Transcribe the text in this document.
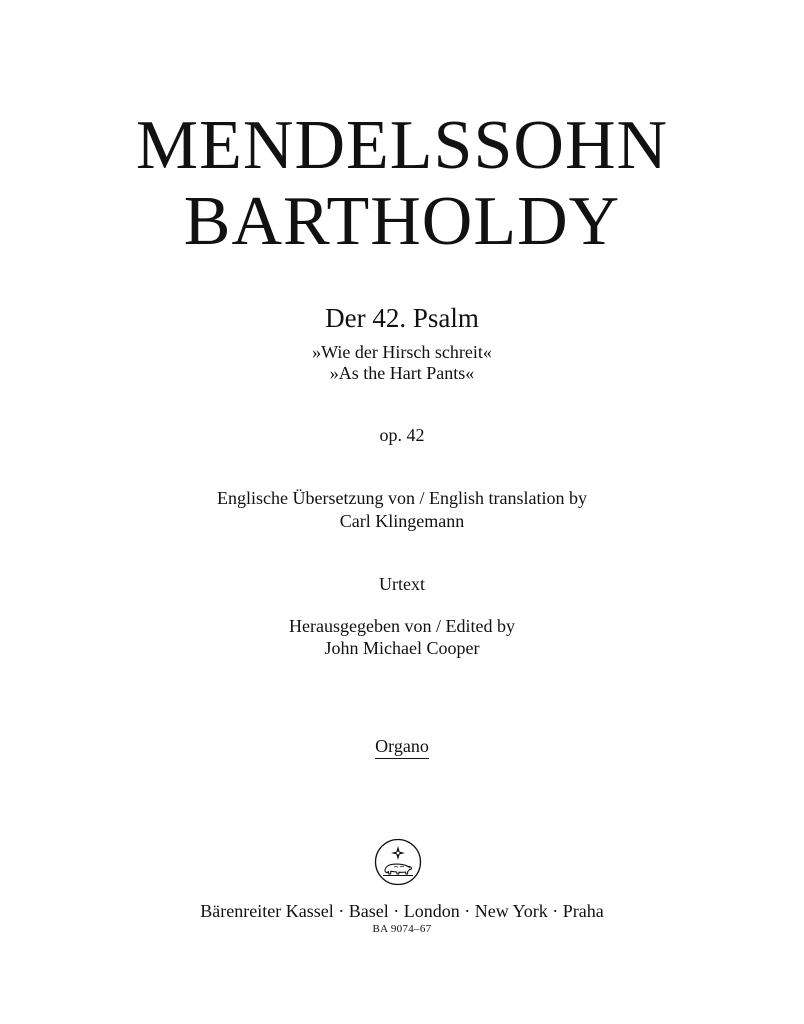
MENDELSSOHN
BARTHOLDY
Der 42. Psalm
»Wie der Hirsch schreit«
»As the Hart Pants«
op. 42
Englische Übersetzung von / English translation by
Carl Klingemann
Urtext
Herausgegeben von / Edited by
John Michael Cooper
Organo
Bärenreiter Kassel · Basel · London · New York · Praha
BA 9074–67
